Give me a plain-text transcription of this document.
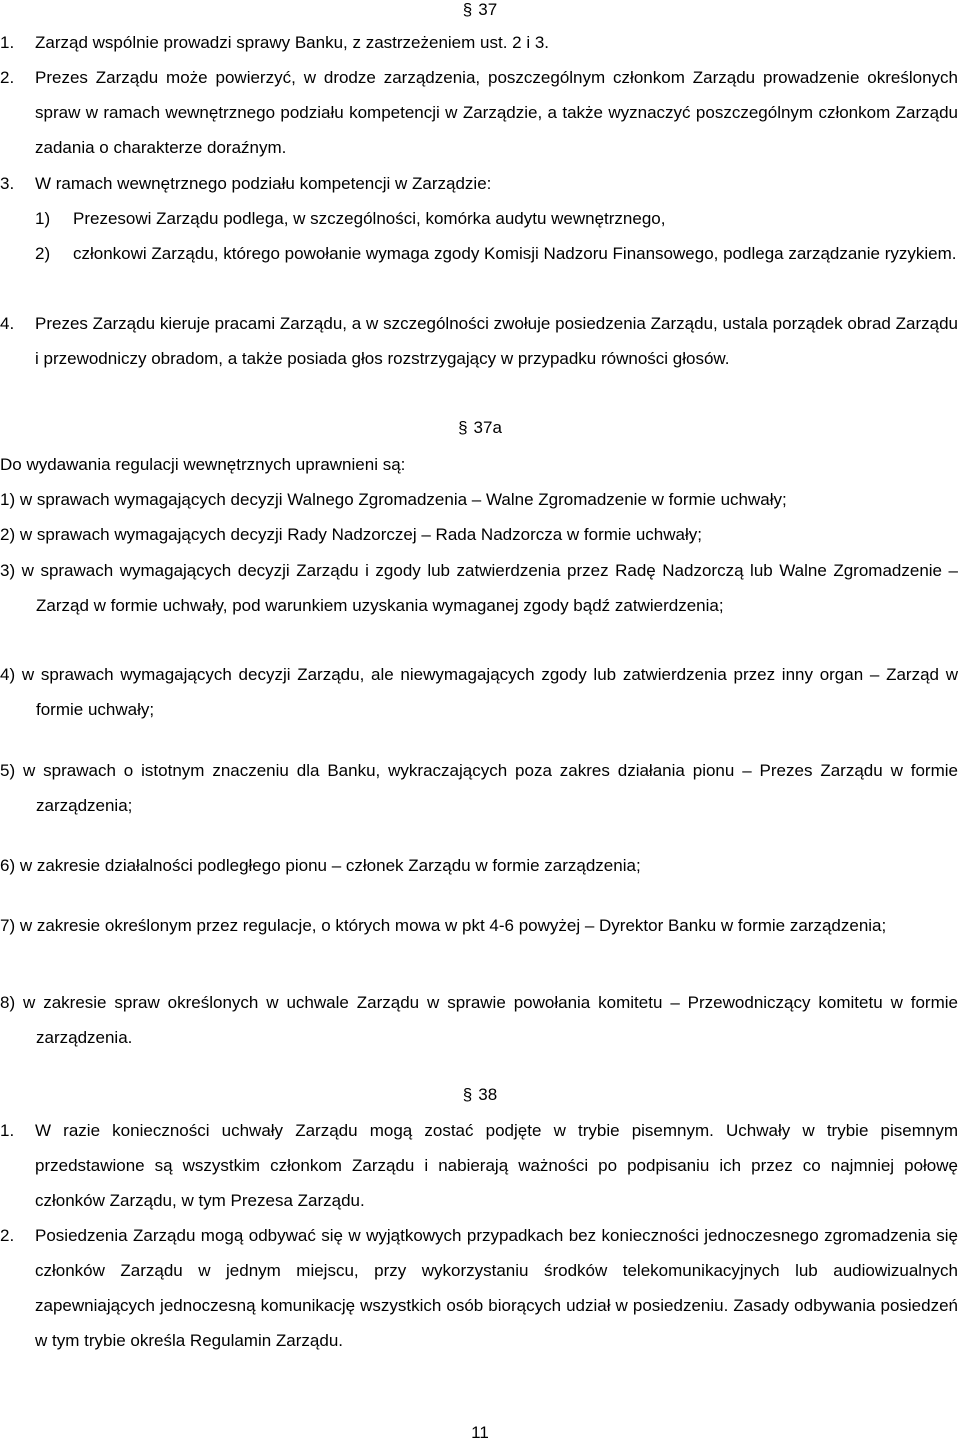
§ 37
1. Zarząd wspólnie prowadzi sprawy Banku, z zastrzeżeniem ust. 2 i 3.
2. Prezes Zarządu może powierzyć, w drodze zarządzenia, poszczególnym członkom Zarządu prowadzenie określonych spraw w ramach wewnętrznego podziału kompetencji w Zarządzie, a także wyznaczyć poszczególnym członkom Zarządu zadania o charakterze doraźnym.
3. W ramach wewnętrznego podziału kompetencji w Zarządzie:
1) Prezesowi Zarządu podlega, w szczególności, komórka audytu wewnętrznego,
2) członkowi Zarządu, którego powołanie wymaga zgody Komisji Nadzoru Finansowego, podlega zarządzanie ryzykiem.
4. Prezes Zarządu kieruje pracami Zarządu, a w szczególności zwołuje posiedzenia Zarządu, ustala porządek obrad Zarządu i przewodniczy obradom, a także posiada głos rozstrzygający w przypadku równości głosów.
§ 37a
Do wydawania regulacji wewnętrznych uprawnieni są:
1) w sprawach wymagających decyzji Walnego Zgromadzenia – Walne Zgromadzenie w formie uchwały;
2) w sprawach wymagających decyzji Rady Nadzorczej – Rada Nadzorcza w formie uchwały;
3) w sprawach wymagających decyzji Zarządu i zgody lub zatwierdzenia przez Radę Nadzorczą lub Walne Zgromadzenie – Zarząd w formie uchwały, pod warunkiem uzyskania wymaganej zgody bądź zatwierdzenia;
4) w sprawach wymagających decyzji Zarządu, ale niewymagających zgody lub zatwierdzenia przez inny organ – Zarząd w formie uchwały;
5) w sprawach o istotnym znaczeniu dla Banku, wykraczających poza zakres działania pionu – Prezes Zarządu w formie zarządzenia;
6) w zakresie działalności podległego pionu – członek Zarządu w formie zarządzenia;
7) w zakresie określonym przez regulacje, o których mowa w pkt 4-6 powyżej – Dyrektor Banku w formie zarządzenia;
8) w zakresie spraw określonych w uchwale Zarządu w sprawie powołania komitetu – Przewodniczący komitetu w formie zarządzenia.
§ 38
1. W razie konieczności uchwały Zarządu mogą zostać podjęte w trybie pisemnym. Uchwały w trybie pisemnym przedstawione są wszystkim członkom Zarządu i nabierają ważności po podpisaniu ich przez co najmniej połowę członków Zarządu, w tym Prezesa Zarządu.
2. Posiedzenia Zarządu mogą odbywać się w wyjątkowych przypadkach bez konieczności jednoczesnego zgromadzenia się członków Zarządu w jednym miejscu, przy wykorzystaniu środków telekomunikacyjnych lub audiowizualnych zapewniających jednoczesną komunikację wszystkich osób biorących udział w posiedzeniu. Zasady odbywania posiedzeń w tym trybie określa Regulamin Zarządu.
11
